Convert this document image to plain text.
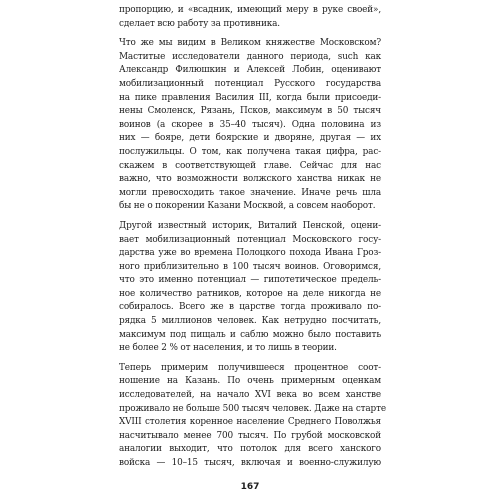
пропорцию, и «всадник, имеющий меру в руке своей»,
сделает всю работу за противника.
Что же мы видим в Великом княжестве Московском?
Маститые исследователи данного периода, such как
Александр Филюшкин и Алексей Лобин, оценивают
мобилизационный потенциал Русского государства
на пике правления Василия III, когда были присоеди-
нены Смоленск, Рязань, Псков, максимум в 50 тысяч
воинов (а скорее в 35–40 тысяч). Одна половина из
них — бояре, дети боярские и дворяне, другая — их
послужильцы. О том, как получена такая цифра, рас-
скажем в соответствующей главе. Сейчас для нас
важно, что возможности волжского ханства никак не
могли превосходить такое значение. Иначе речь шла
бы не о покорении Казани Москвой, а совсем наоборот.
Другой известный историк, Виталий Пенской, оцени-
вает мобилизационный потенциал Московского госу-
дарства уже во времена Полоцкого похода Ивана Гроз-
ного приблизительно в 100 тысяч воинов. Оговоримся,
что это именно потенциал — гипотетическое предель-
ное количество ратников, которое на деле никогда не
собиралось. Всего же в царстве тогда проживало по-
рядка 5 миллионов человек. Как нетрудно посчитать,
максимум под пищаль и саблю можно было поставить
не более 2 % от населения, и то лишь в теории.
Теперь примерим получившееся процентное соот-
ношение на Казань. По очень примерным оценкам
исследователей, на начало XVI века во всем ханстве
проживало не больше 500 тысяч человек. Даже на старте
XVIII столетия коренное население Среднего Поволжья
насчитывало менее 700 тысяч. По грубой московской
аналогии выходит, что потолок для всего ханского
войска — 10–15 тысяч, включая и военно-служилую
167
